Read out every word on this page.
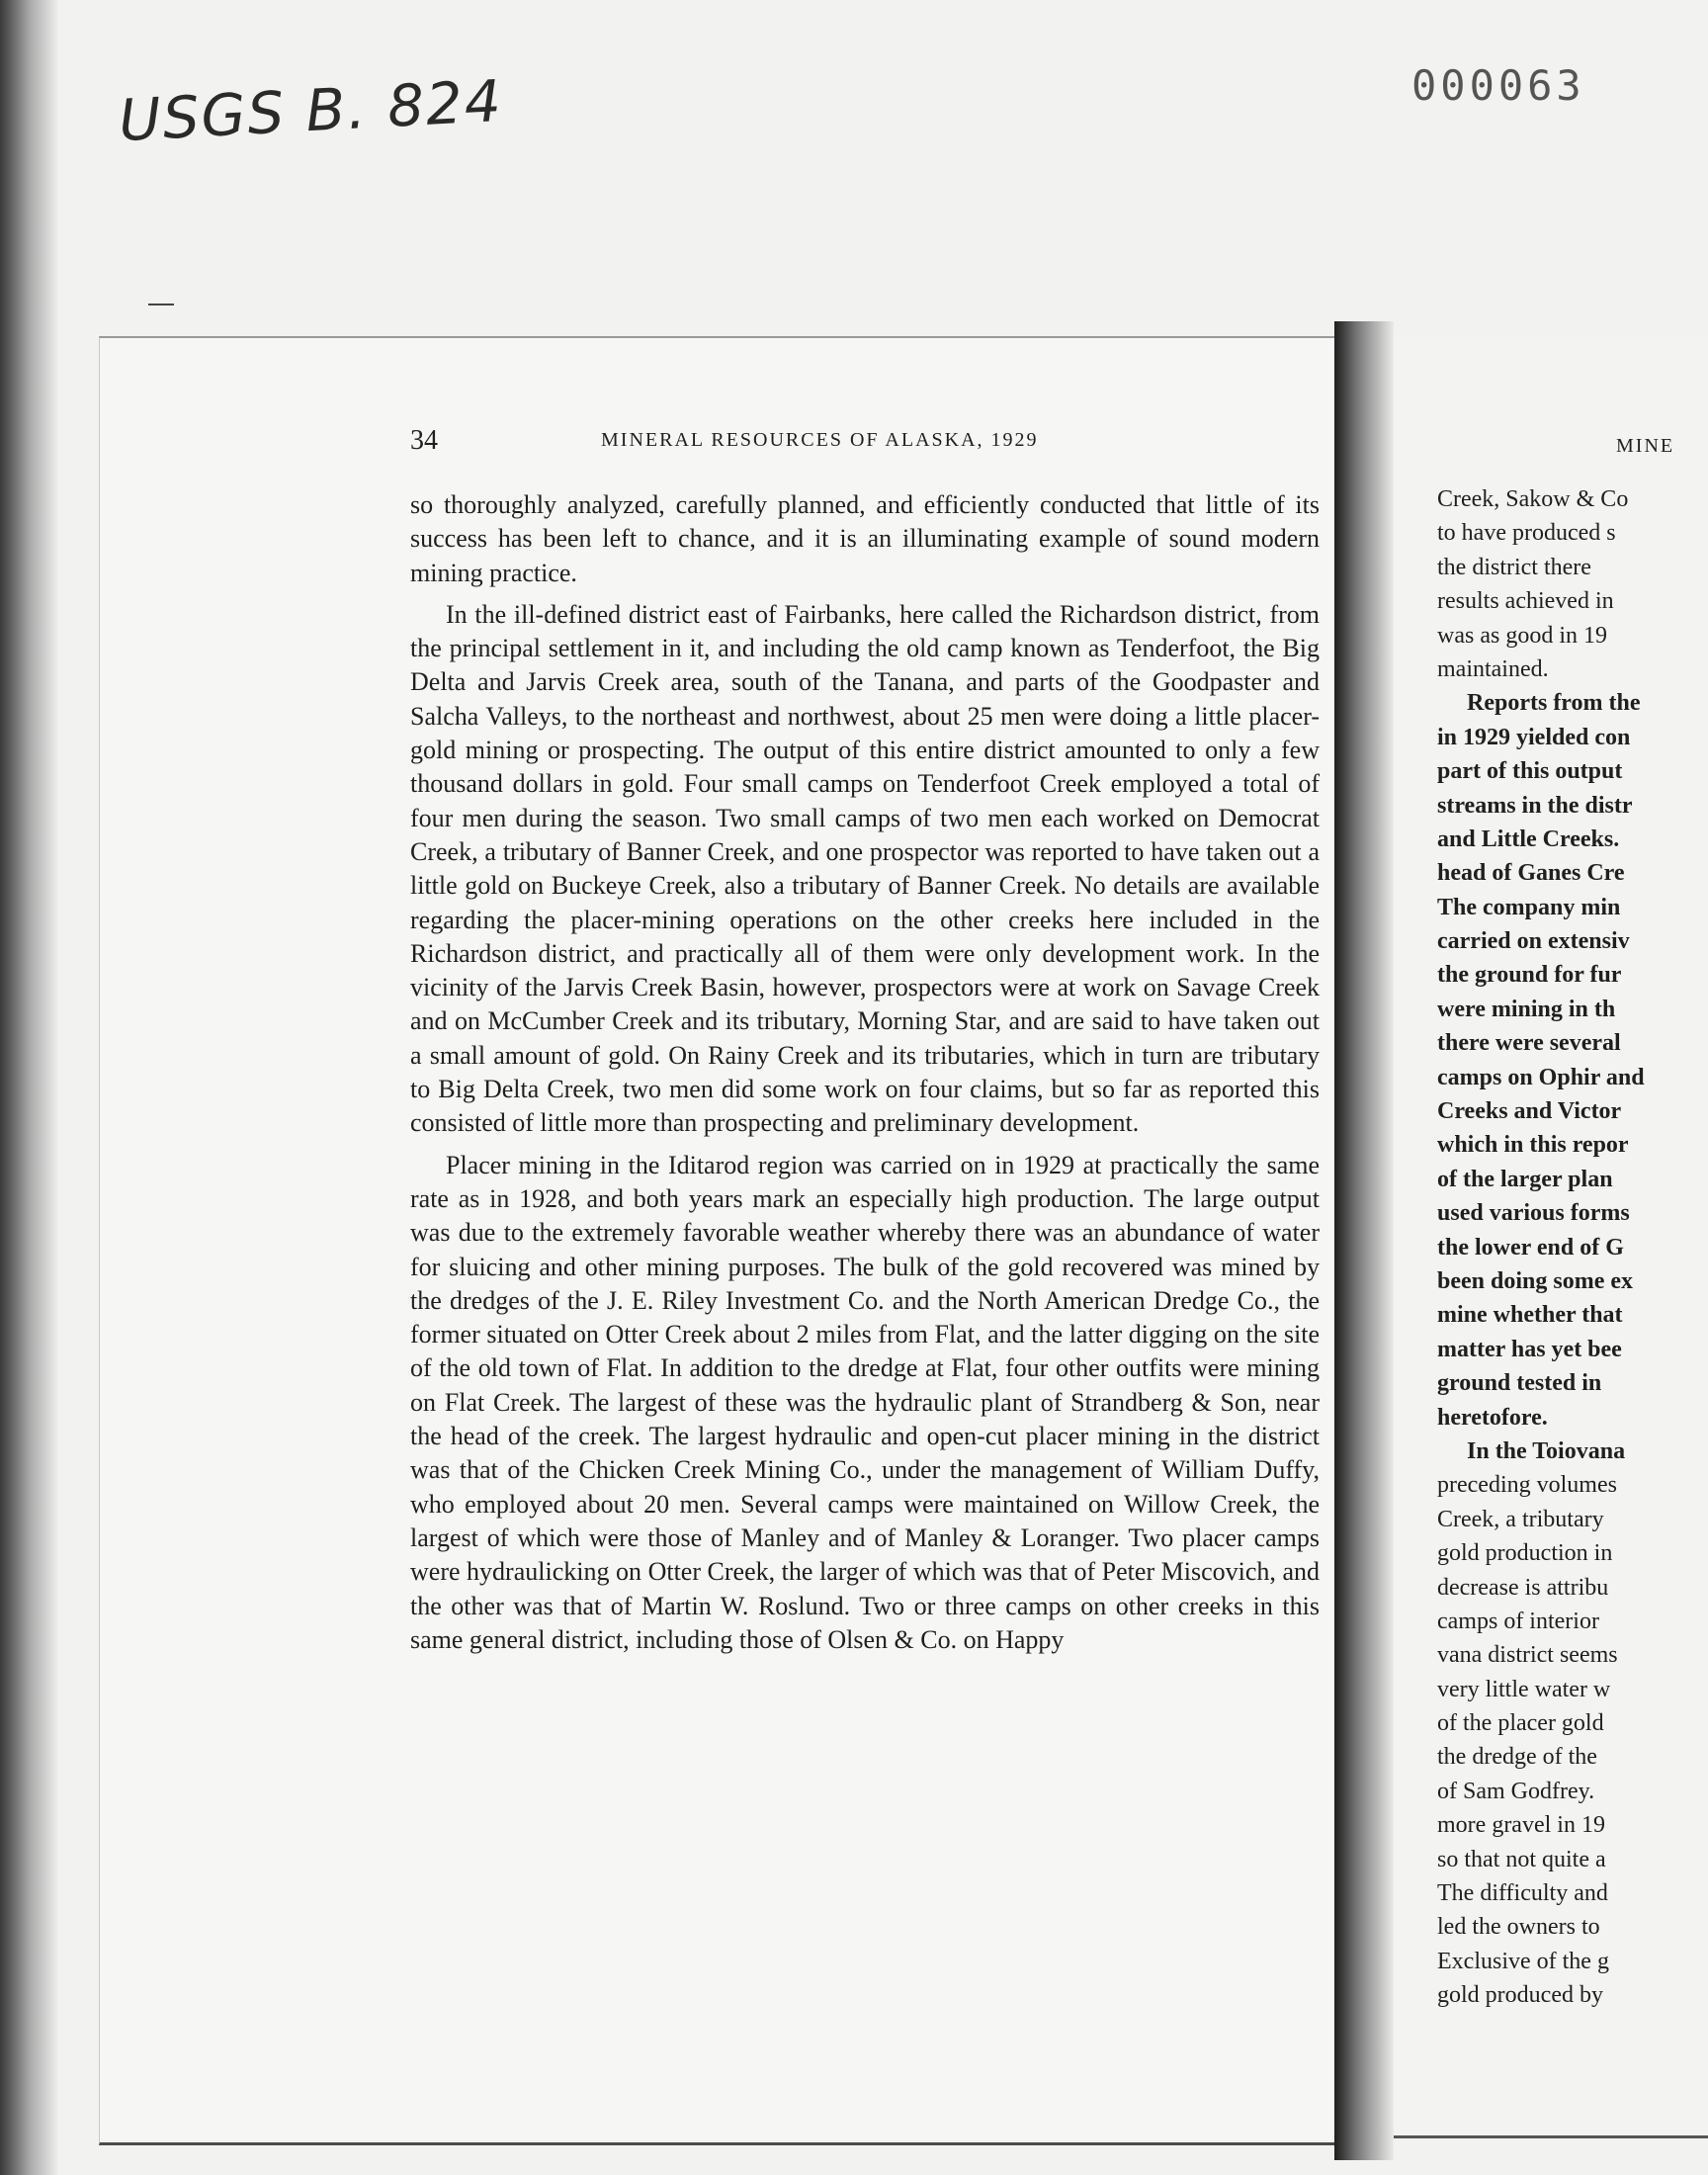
USGS B. 824	000063
34	MINERAL RESOURCES OF ALASKA, 1929

so thoroughly analyzed, carefully planned, and efficiently conducted that little of its success has been left to chance, and it is an illuminating example of sound modern mining practice.

In the ill-defined district east of Fairbanks, here called the Richardson district, from the principal settlement in it, and including the old camp known as Tenderfoot, the Big Delta and Jarvis Creek area, south of the Tanana, and parts of the Goodpaster and Salcha Valleys, to the northeast and northwest, about 25 men were doing a little placer-gold mining or prospecting. The output of this entire district amounted to only a few thousand dollars in gold. Four small camps on Tenderfoot Creek employed a total of four men during the season. Two small camps of two men each worked on Democrat Creek, a tributary of Banner Creek, and one prospector was reported to have taken out a little gold on Buckeye Creek, also a tributary of Banner Creek. No details are available regarding the placer-mining operations on the other creeks here included in the Richardson district, and practically all of them were only development work. In the vicinity of the Jarvis Creek Basin, however, prospectors were at work on Savage Creek and on McCumber Creek and its tributary, Morning Star, and are said to have taken out a small amount of gold. On Rainy Creek and its tributaries, which in turn are tributary to Big Delta Creek, two men did some work on four claims, but so far as reported this consisted of little more than prospecting and preliminary development.

Placer mining in the Iditarod region was carried on in 1929 at practically the same rate as in 1928, and both years mark an especially high production. The large output was due to the extremely favorable weather whereby there was an abundance of water for sluicing and other mining purposes. The bulk of the gold recovered was mined by the dredges of the J. E. Riley Investment Co. and the North American Dredge Co., the former situated on Otter Creek about 2 miles from Flat, and the latter digging on the site of the old town of Flat. In addition to the dredge at Flat, four other outfits were mining on Flat Creek. The largest of these was the hydraulic plant of Strandberg & Son, near the head of the creek. The largest hydraulic and open-cut placer mining in the district was that of the Chicken Creek Mining Co., under the management of William Duffy, who employed about 20 men. Several camps were maintained on Willow Creek, the largest of which were those of Manley and of Manley & Loranger. Two placer camps were hydraulicking on Otter Creek, the larger of which was that of Peter Miscovich, and the other was that of Martin W. Roslund. Two or three camps on other creeks in this same general district, including those of Olsen & Co. on Happy

MINE
Creek, Sakow & Co
to have produced s
the district there
results achieved in
was as good in 19
maintained.
Reports from the
in 1929 yielded con
part of this output
streams in the distr
and Little Creeks.
head of Ganes Cre
The company min
carried on extensiv
the ground for fur
were mining in th
there were several
camps on Ophir and
Creeks and Victor
which in this repor
of the larger plan
used various forms
the lower end of G
been doing some ex
mine whether that
matter has yet bee
ground tested in
heretofore.
In the Toiovana
preceding volumes
Creek, a tributary
gold production in
decrease is attribu
camps of interior
vana district seems
very little water w
of the placer gold
the dredge of the
of Sam Godfrey.
more gravel in 19
so that not quite a
The difficulty and
led the owners to
Exclusive of the g
gold produced by
